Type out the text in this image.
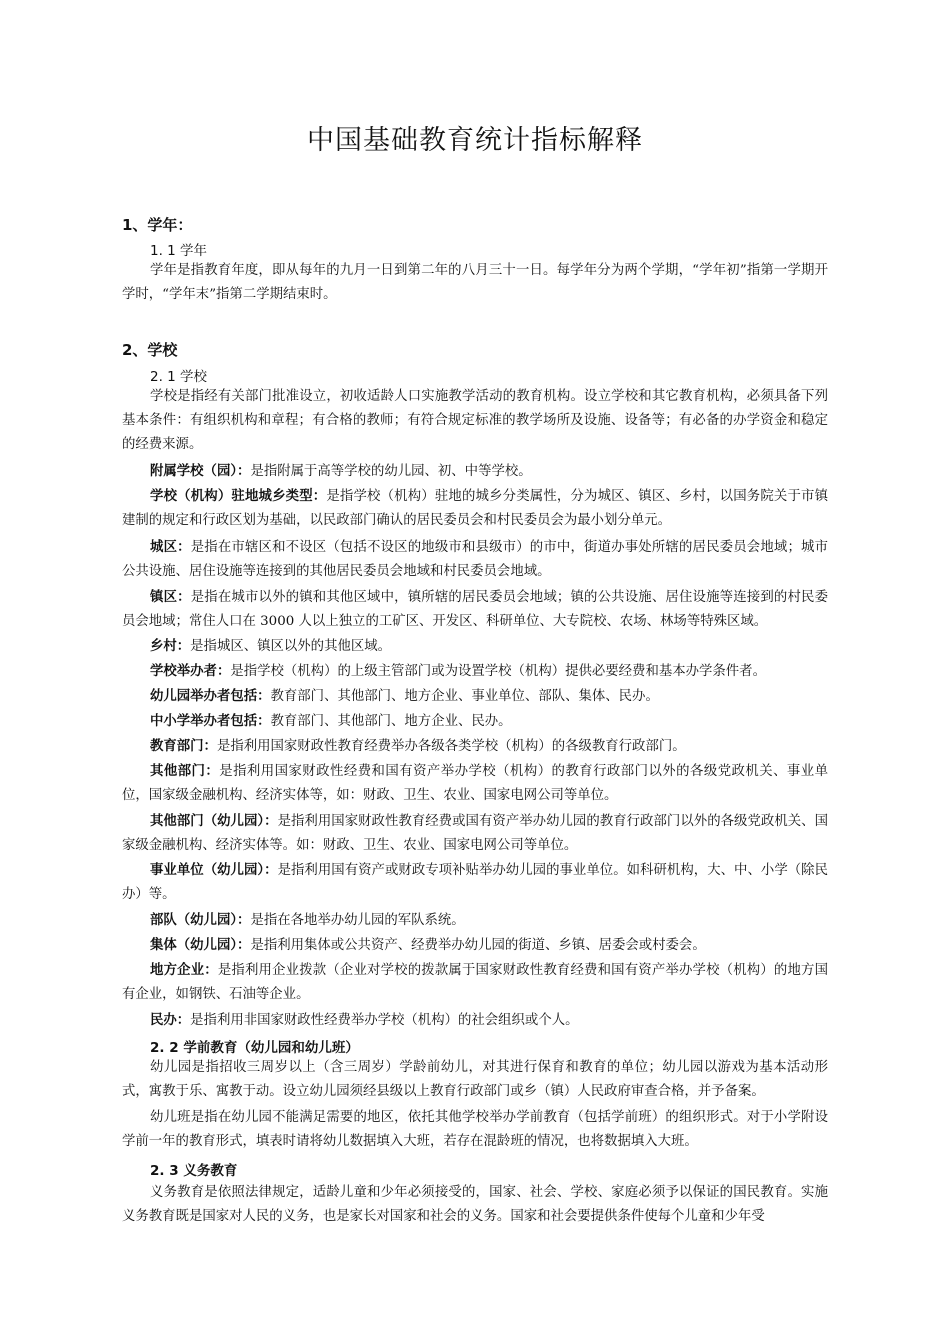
中国基础教育统计指标解释
1、学年：
1. 1 学年

学年是指教育年度，即从每年的九月一日到第二年的八月三十一日。每学年分为两个学期，“学年初”指第一学期开学时，“学年末”指第二学期结束时。

2、学校
2. 1 学校

学校是指经有关部门批准设立，初收适龄人口实施教学活动的教育机构。设立学校和其它教育机构，必须具备下列基本条件：有组织机构和章程；有合格的教师；有符合规定标准的教学场所及设施、设备等；有必备的办学资金和稳定的经费来源。

附属学校（园）：是指附属于高等学校的幼儿园、初、中等学校。

学校（机构）驻地城乡类型：是指学校（机构）驻地的城乡分类属性，分为城区、镇区、乡村，以国务院关于市镇建制的规定和行政区划为基础，以民政部门确认的居民委员会和村民委员会为最小划分单元。

城区：是指在市辖区和不设区（包括不设区的地级市和县级市）的市中，街道办事处所辖的居民委员会地域；城市公共设施、居住设施等连接到的其他居民委员会地域和村民委员会地域。

镇区：是指在城市以外的镇和其他区域中，镇所辖的居民委员会地域；镇的公共设施、居住设施等连接到的村民委员会地域；常住人口在 3000 人以上独立的工矿区、开发区、科研单位、大专院校、农场、林场等特殊区域。

乡村：是指城区、镇区以外的其他区域。

学校举办者：是指学校（机构）的上级主管部门或为设置学校（机构）提供必要经费和基本办学条件者。

幼儿园举办者包括：教育部门、其他部门、地方企业、事业单位、部队、集体、民办。

中小学举办者包括：教育部门、其他部门、地方企业、民办。

教育部门：是指利用国家财政性教育经费举办各级各类学校（机构）的各级教育行政部门。

其他部门：是指利用国家财政性经费和国有资产举办学校（机构）的教育行政部门以外的各级党政机关、事业单位，国家级金融机构、经济实体等，如：财政、卫生、农业、国家电网公司等单位。

其他部门（幼儿园）：是指利用国家财政性教育经费或国有资产举办幼儿园的教育行政部门以外的各级党政机关、国家级金融机构、经济实体等。如：财政、卫生、农业、国家电网公司等单位。

事业单位（幼儿园）：是指利用国有资产或财政专项补贴举办幼儿园的事业单位。如科研机构，大、中、小学（除民办）等。

部队（幼儿园）：是指在各地举办幼儿园的军队系统。

集体（幼儿园）：是指利用集体或公共资产、经费举办幼儿园的街道、乡镇、居委会或村委会。

地方企业：是指利用企业拨款（企业对学校的拨款属于国家财政性教育经费和国有资产举办学校（机构）的地方国有企业，如钢铁、石油等企业。

民办：是指利用非国家财政性经费举办学校（机构）的社会组织或个人。

2. 2 学前教育（幼儿园和幼儿班）

幼儿园是指招收三周岁以上（含三周岁）学龄前幼儿，对其进行保育和教育的单位；幼儿园以游戏为基本活动形式，寓教于乐、寓教于动。设立幼儿园须经县级以上教育行政部门或乡（镇）人民政府审查合格，并予备案。

幼儿班是指在幼儿园不能满足需要的地区，依托其他学校举办学前教育（包括学前班）的组织形式。对于小学附设学前一年的教育形式，填表时请将幼儿数据填入大班，若存在混龄班的情况，也将数据填入大班。

2. 3 义务教育

义务教育是依照法律规定，适龄儿童和少年必须接受的，国家、社会、学校、家庭必须予以保证的国民教育。实施义务教育既是国家对人民的义务，也是家长对国家和社会的义务。国家和社会要提供条件使每个儿童和少年受
